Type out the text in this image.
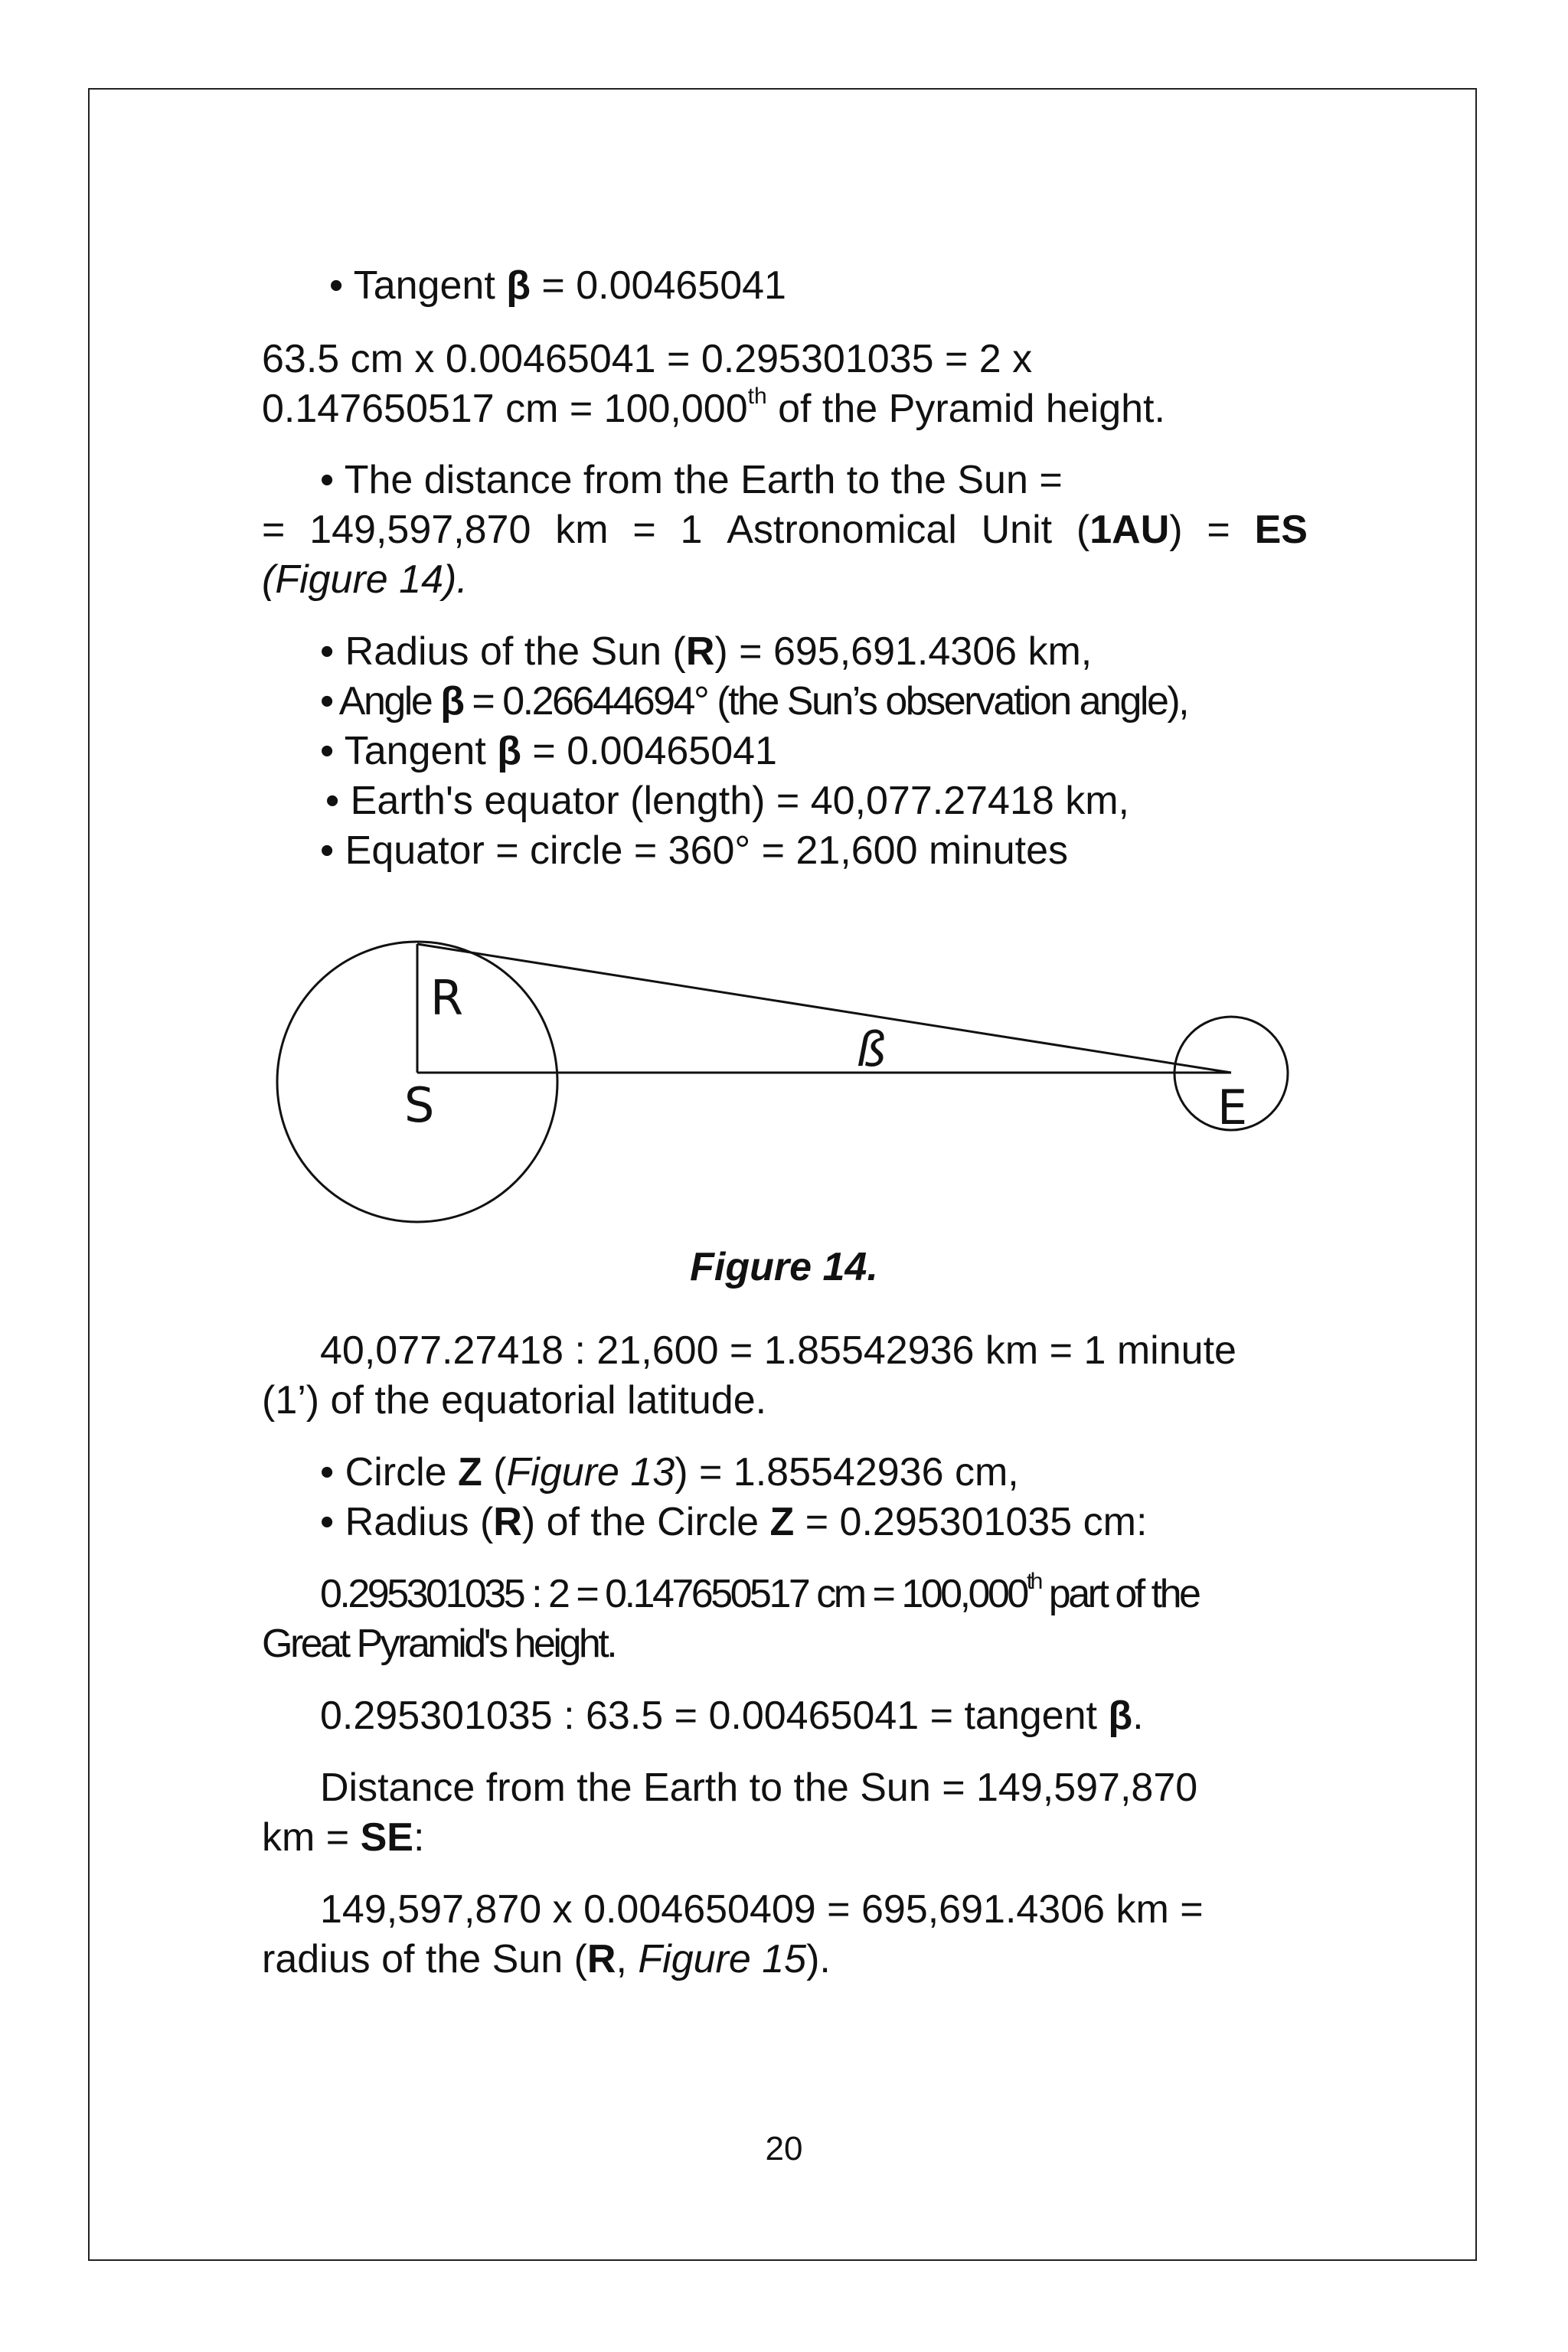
• Tangent β = 0.00465041
63.5 cm x 0.00465041 = 0.295301035 = 2 x
0.147650517 cm = 100,000th of the Pyramid height.
• The distance from the Earth to the Sun =
= 149,597,870 km = 1 Astronomical Unit (1AU) = ES
(Figure 14).
• Radius of the Sun (R) = 695,691.4306 km,
• Angle β = 0.26644694° (the Sun’s observation angle),
• Tangent β = 0.00465041
• Earth's equator (length) = 40,077.27418 km,
• Equator = circle = 360° = 21,600 minutes
R
S	E
ß
Figure 14.
40,077.27418 : 21,600 = 1.85542936 km = 1 minute
(1’) of the equatorial latitude.
• Circle Z (Figure 13) = 1.85542936 cm,
• Radius (R) of the Circle Z = 0.295301035 cm:
0.295301035 : 2 = 0.147650517 cm = 100,000th part of the
Great Pyramid's height.
0.295301035 : 63.5 = 0.00465041 = tangent β.
Distance from the Earth to the Sun = 149,597,870
km = SE:
149,597,870 x 0.004650409 = 695,691.4306 km =
radius of the Sun (R, Figure 15).
20
